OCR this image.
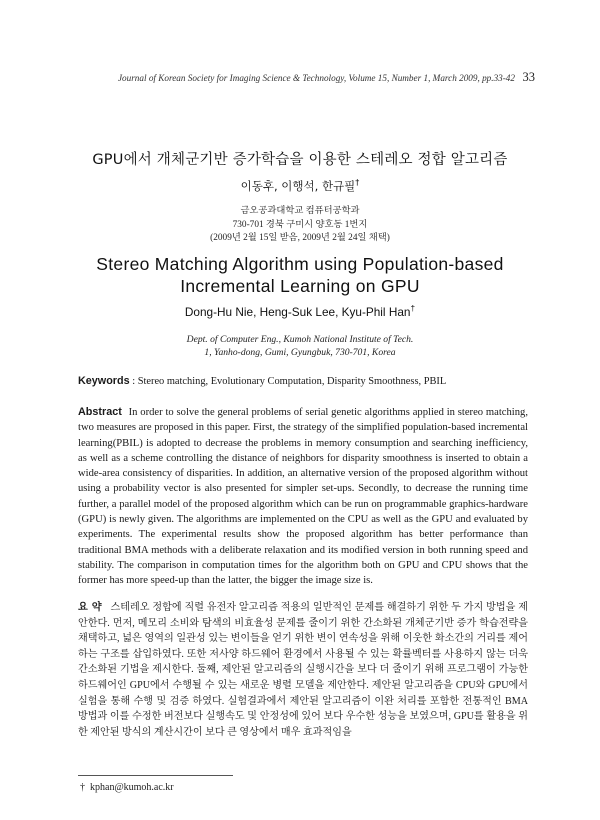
Journal of Korean Society for Imaging Science & Technology, Volume 15, Number 1, March 2009, pp.33-42 33
GPU에서 개체군기반 증가학습을 이용한 스테레오 정합 알고리즘
이동후, 이행석, 한규필†
금오공과대학교 컴퓨터공학과
730-701 경북 구미시 양호동 1번지
(2009년 2월 15일 받음, 2009년 2월 24일 채택)
Stereo Matching Algorithm using Population-based
Incremental Learning on GPU
Dong-Hu Nie, Heng-Suk Lee, Kyu-Phil Han†
Dept. of Computer Eng., Kumoh National Institute of Tech.
1, Yanho-dong, Gumi, Gyungbuk, 730-701, Korea
Keywords : Stereo matching, Evolutionary Computation, Disparity Smoothness, PBIL
Abstract In order to solve the general problems of serial genetic algorithms applied in stereo matching, two measures are proposed in this paper. First, the strategy of the simplified population-based incremental learning(PBIL) is adopted to decrease the problems in memory consumption and searching inefficiency, as well as a scheme controlling the distance of neighbors for disparity smoothness is inserted to obtain a wide-area consistency of disparities. In addition, an alternative version of the proposed algorithm without using a probability vector is also presented for simpler set-ups. Secondly, to decrease the running time further, a parallel model of the proposed algorithm which can be run on programmable graphics-hardware (GPU) is newly given. The algorithms are implemented on the CPU as well as the GPU and evaluated by experiments. The experimental results show the proposed algorithm has better performance than traditional BMA methods with a deliberate relaxation and its modified version in both running speed and stability. The comparison in computation times for the algorithm both on GPU and CPU shows that the former has more speed-up than the latter, the bigger the image size is.
요 약 스테레오 정합에 직렬 유전자 알고리즘 적용의 일반적인 문제를 해결하기 위한 두 가지 방법을 제안한다. 먼저, 메모리 소비와 탐색의 비효율성 문제를 줄이기 위한 간소화된 개체군기반 증가 학습전략을 채택하고, 넓은 영역의 일관성 있는 변이들을 얻기 위한 변이 연속성을 위해 이웃한 화소간의 거리를 제어하는 구조를 삽입하였다. 또한 저사양 하드웨어 환경에서 사용될 수 있는 확률벡터를 사용하지 않는 더욱 간소화된 기법을 제시한다. 둘째, 제안된 알고리즘의 실행시간을 보다 더 줄이기 위해 프로그램이 가능한 하드웨어인 GPU에서 수행될 수 있는 새로운 병렬 모델을 제안한다. 제안된 알고리즘을 CPU와 GPU에서 실험을 통해 수행 및 검증 하였다. 실험결과에서 제안된 알고리즘이 이완 처리를 포함한 전통적인 BMA 방법과 이를 수정한 버전보다 실행속도 및 안정성에 있어 보다 우수한 성능을 보였으며, GPU를 활용을 위한 제안된 방식의 계산시간이 보다 큰 영상에서 매우 효과적임을
† kphan@kumoh.ac.kr
